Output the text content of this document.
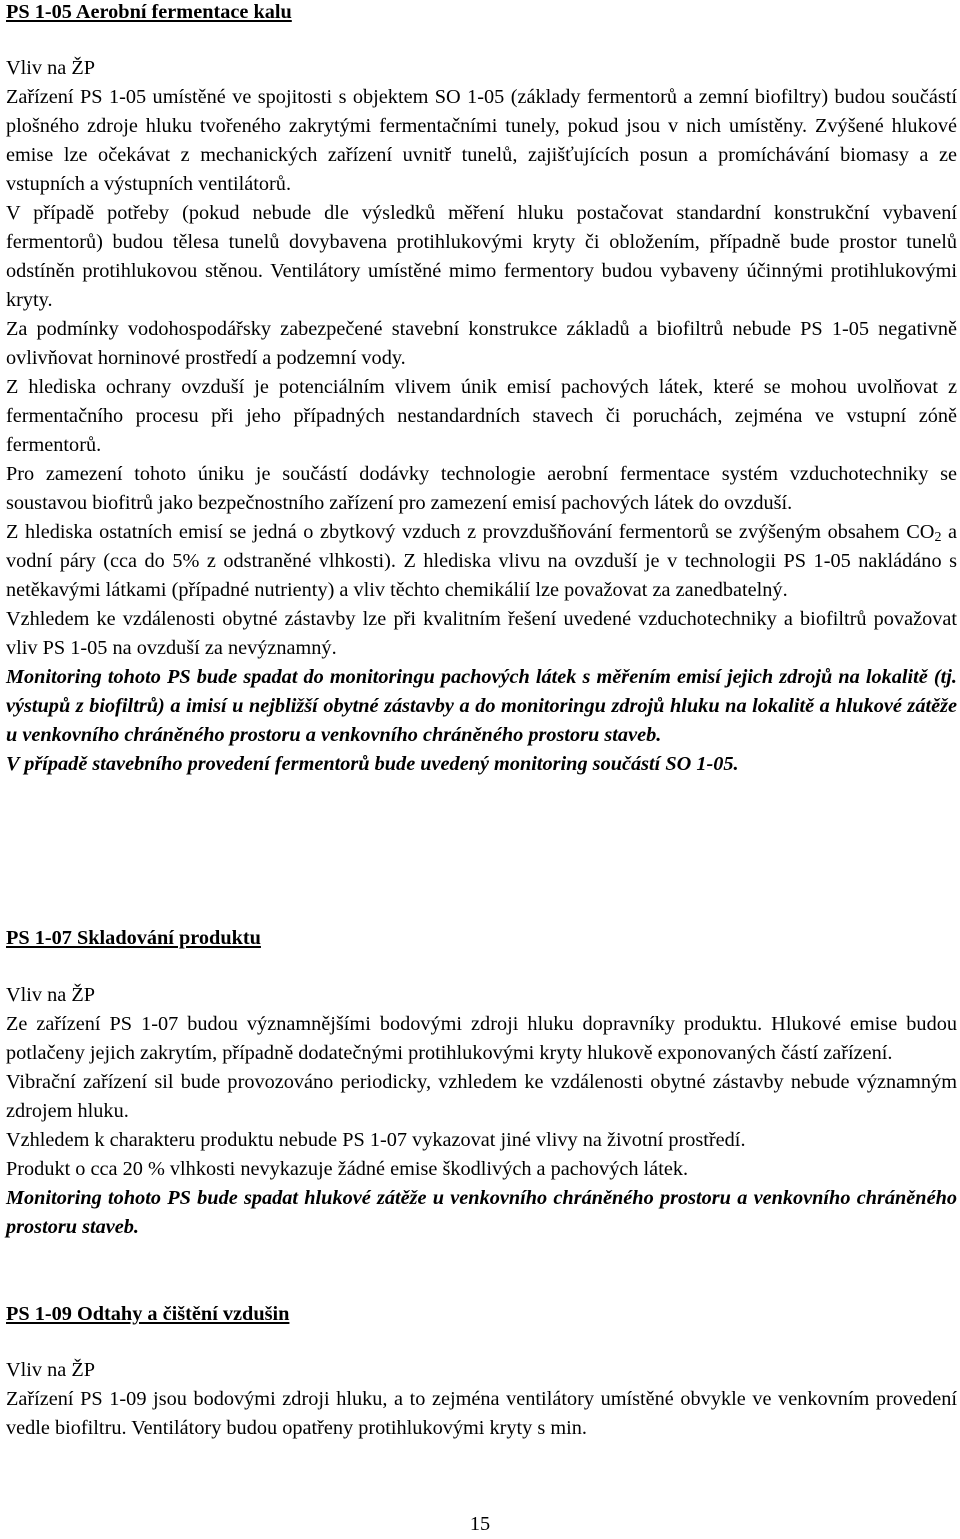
PS 1-05 Aerobní fermentace kalu

Vliv na ŽP

Zařízení PS 1-05 umístěné ve spojitosti s objektem SO 1-05 (základy fermentorů a zemní biofiltry) budou součástí plošného zdroje hluku tvořeného zakrytými fermentačními tunely, pokud jsou v nich umístěny. Zvýšené hlukové emise lze očekávat z mechanických zařízení uvnitř tunelů, zajišťujících posun a promíchávání biomasy a ze vstupních a výstupních ventilátorů.

V případě potřeby (pokud nebude dle výsledků měření hluku postačovat standardní konstrukční vybavení fermentorů) budou tělesa tunelů dovybavena protihlukovými kryty či obložením, případně bude prostor tunelů odstíněn protihlukovou stěnou. Ventilátory umístěné mimo fermentory budou vybaveny účinnými protihlukovými kryty.

Za podmínky vodohospodářsky zabezpečené stavební konstrukce základů a biofiltrů nebude PS 1-05 negativně ovlivňovat horninové prostředí a podzemní vody.

Z hlediska ochrany ovzduší je potenciálním vlivem únik emisí pachových látek, které se mohou uvolňovat z fermentačního procesu při jeho případných nestandardních stavech či poruchách, zejména ve vstupní zóně fermentorů.

Pro zamezení tohoto úniku je součástí dodávky technologie aerobní fermentace systém vzduchotechniky se soustavou biofitrů jako bezpečnostního zařízení pro zamezení emisí pachových látek do ovzduší.

Z hlediska ostatních emisí se jedná o zbytkový vzduch z provzdušňování fermentorů se zvýšeným obsahem $CO_2$ a vodní páry (cca do 5% z odstraněné vlhkosti). Z hlediska vlivu na ovzduší je v technologii PS 1-05 nakládáno s netěkavými látkami (případné nutrienty) a vliv těchto chemikálií lze považovat za zanedbatelný.

Vzhledem ke vzdálenosti obytné zástavby lze při kvalitním řešení uvedené vzduchotechniky a biofiltrů považovat vliv PS 1-05 na ovzduší za nevýznamný.

Monitoring tohoto PS bude spadat do monitoringu pachových látek s měřením emisí jejich zdrojů na lokalitě (tj. výstupů z biofiltrů) a imisí u nejbližší obytné zástavby a do monitoringu zdrojů hluku na lokalitě a hlukové zátěže u venkovního chráněného prostoru a venkovního chráněného prostoru staveb.

V případě stavebního provedení fermentorů bude uvedený monitoring součástí SO 1-05.

PS 1-07 Skladování produktu

Vliv na ŽP

Ze zařízení PS 1-07 budou významnějšími bodovými zdroji hluku dopravníky produktu. Hlukové emise budou potlačeny jejich zakrytím, případně dodatečnými protihlukovými kryty hlukově exponovaných částí zařízení.

Vibrační zařízení sil bude provozováno periodicky, vzhledem ke vzdálenosti obytné zástavby nebude významným zdrojem hluku.

Vzhledem k charakteru produktu nebude PS 1-07 vykazovat jiné vlivy na životní prostředí.

Produkt o cca 20 % vlhkosti nevykazuje žádné emise škodlivých a pachových látek.

Monitoring tohoto PS bude spadat hlukové zátěže u venkovního chráněného prostoru a venkovního chráněného prostoru staveb.

PS 1-09 Odtahy a čištění vzdušin

Vliv na ŽP

Zařízení PS 1-09 jsou bodovými zdroji hluku, a to zejména ventilátory umístěné obvykle ve venkovním provedení vedle biofiltru. Ventilátory budou opatřeny protihlukovými kryty s min.

15
